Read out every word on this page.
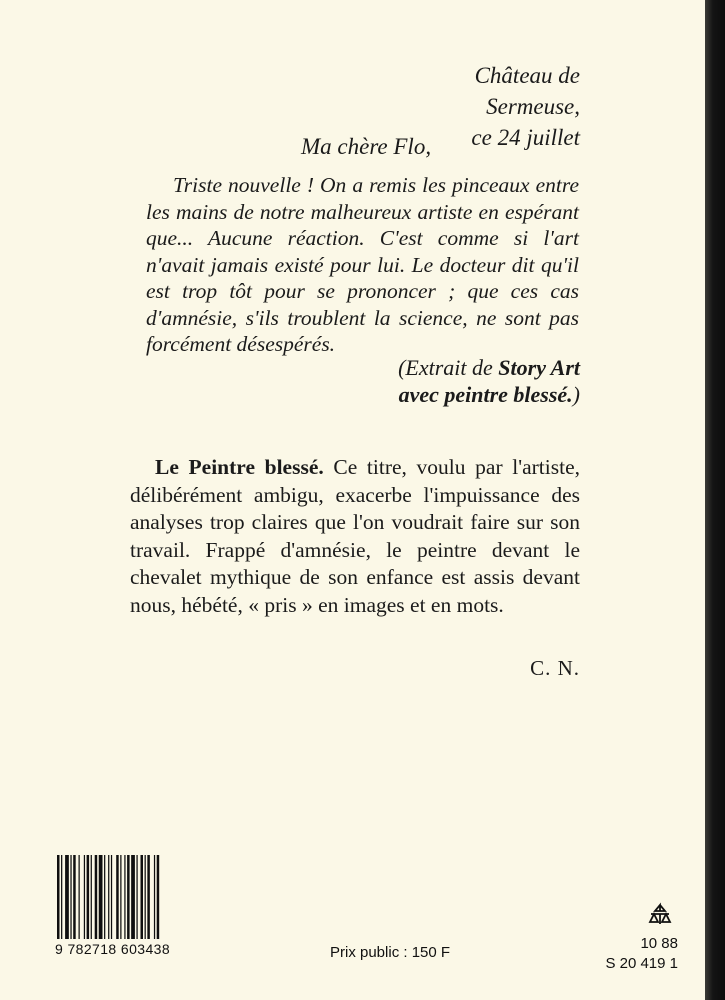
Château de Sermeuse,
ce 24 juillet
Ma chère Flo,

Triste nouvelle ! On a remis les pinceaux entre les mains de notre malheureux artiste en espérant que... Aucune réaction. C'est comme si l'art n'avait jamais existé pour lui. Le docteur dit qu'il est trop tôt pour se prononcer ; que ces cas d'amnésie, s'ils troublent la science, ne sont pas forcément désespérés.

(Extrait de Story Art
avec peintre blessé.)

Le Peintre blessé. Ce titre, voulu par l'artiste, délibérément ambigu, exacerbe l'impuissance des analyses trop claires que l'on voudrait faire sur son travail. Frappé d'amnésie, le peintre devant le chevalet mythique de son enfance est assis devant nous, hébété, « pris » en images et en mots.

C. N.
9 782718 603438	Prix public : 150 F
10 88
S 20 419 1
